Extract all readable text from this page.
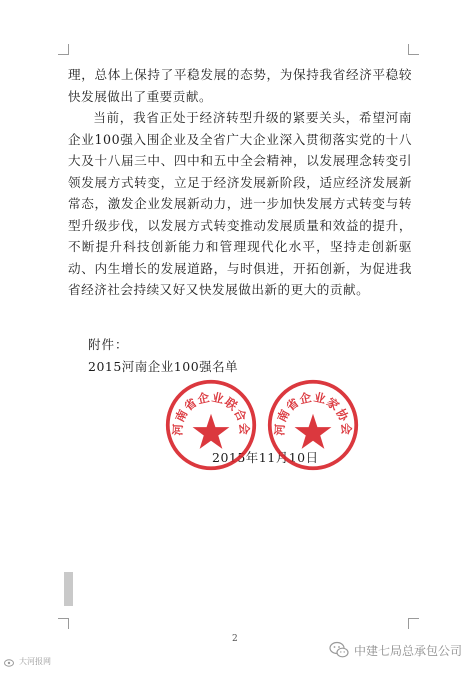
理，总体上保持了平稳发展的态势，为保持我省经济平稳较快发展做出了重要贡献。

当前，我省正处于经济转型升级的紧要关头，希望河南企业100强入围企业及全省广大企业深入贯彻落实党的十八大及十八届三中、四中和五中全会精神，以发展理念转变引领发展方式转变，立足于经济发展新阶段，适应经济发展新常态，激发企业发展新动力，进一步加快发展方式转变与转型升级步伐，以发展方式转变推动发展质量和效益的提升，不断提升科技创新能力和管理现代化水平，坚持走创新驱动、内生增长的发展道路，与时俱进，开拓创新，为促进我省经济社会持续又好又快发展做出新的更大的贡献。

附件：
2015河南企业100强名单
2015年11月10日
河南省企业联合会 河南省企业家协会
2
大河报网
中建七局总承包公司
